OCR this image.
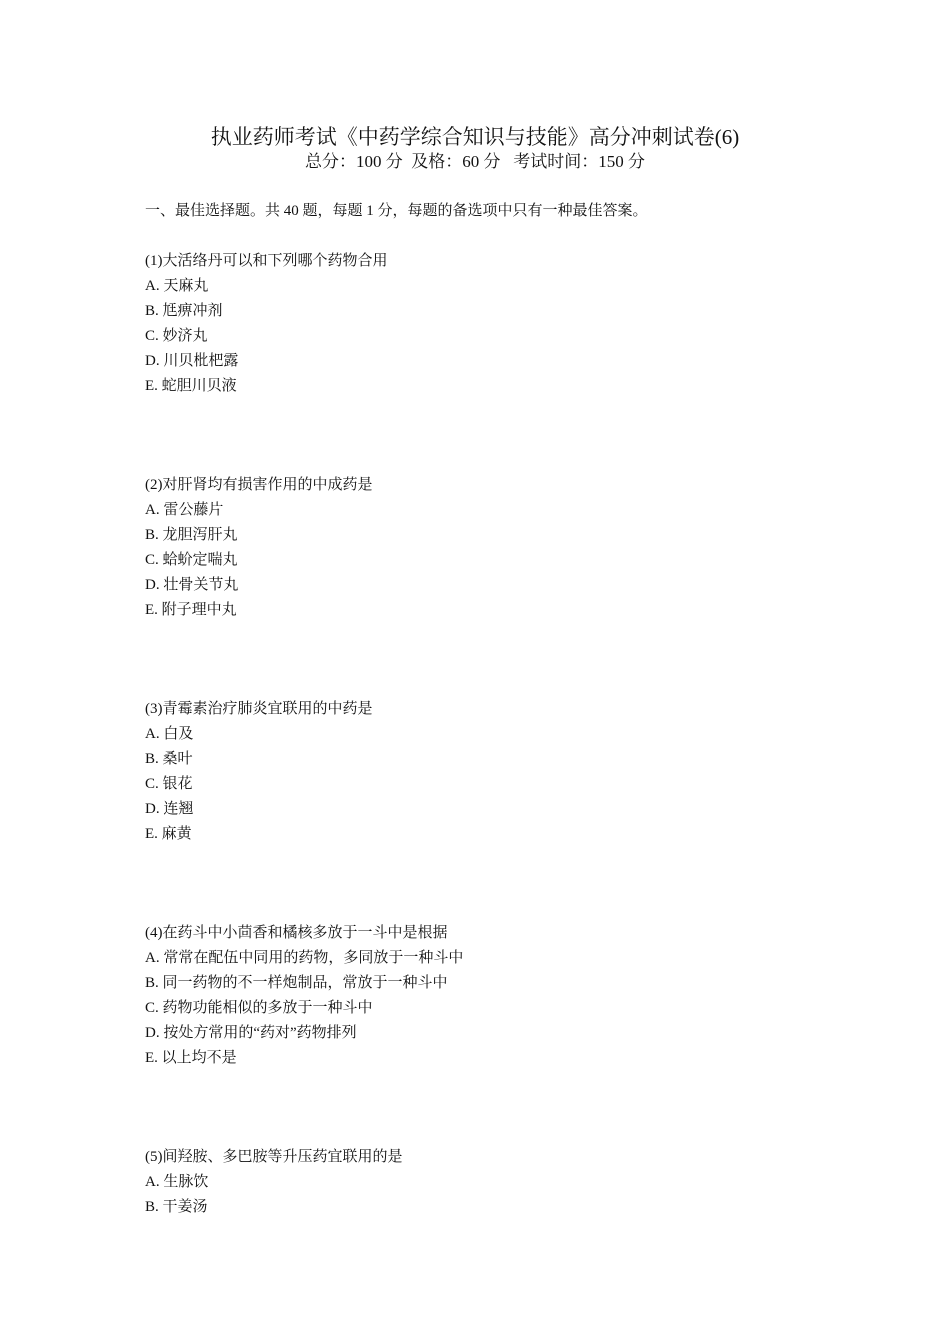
执业药师考试《中药学综合知识与技能》高分冲刺试卷(6)
总分：100 分  及格：60 分   考试时间：150 分
一、最佳选择题。共 40 题，每题 1 分，每题的备选项中只有一种最佳答案。
(1)大活络丹可以和下列哪个药物合用
A. 天麻丸
B. 尪痹冲剂
C. 妙济丸
D. 川贝枇杷露
E. 蛇胆川贝液
(2)对肝肾均有损害作用的中成药是
A. 雷公藤片
B. 龙胆泻肝丸
C. 蛤蚧定喘丸
D. 壮骨关节丸
E. 附子理中丸
(3)青霉素治疗肺炎宜联用的中药是
A. 白及
B. 桑叶
C. 银花
D. 连翘
E. 麻黄
(4)在药斗中小茴香和橘核多放于一斗中是根据
A. 常常在配伍中同用的药物，多同放于一种斗中
B. 同一药物的不一样炮制品，常放于一种斗中
C. 药物功能相似的多放于一种斗中
D. 按处方常用的“药对”药物排列
E. 以上均不是
(5)间羟胺、多巴胺等升压药宜联用的是
A. 生脉饮
B. 干姜汤
